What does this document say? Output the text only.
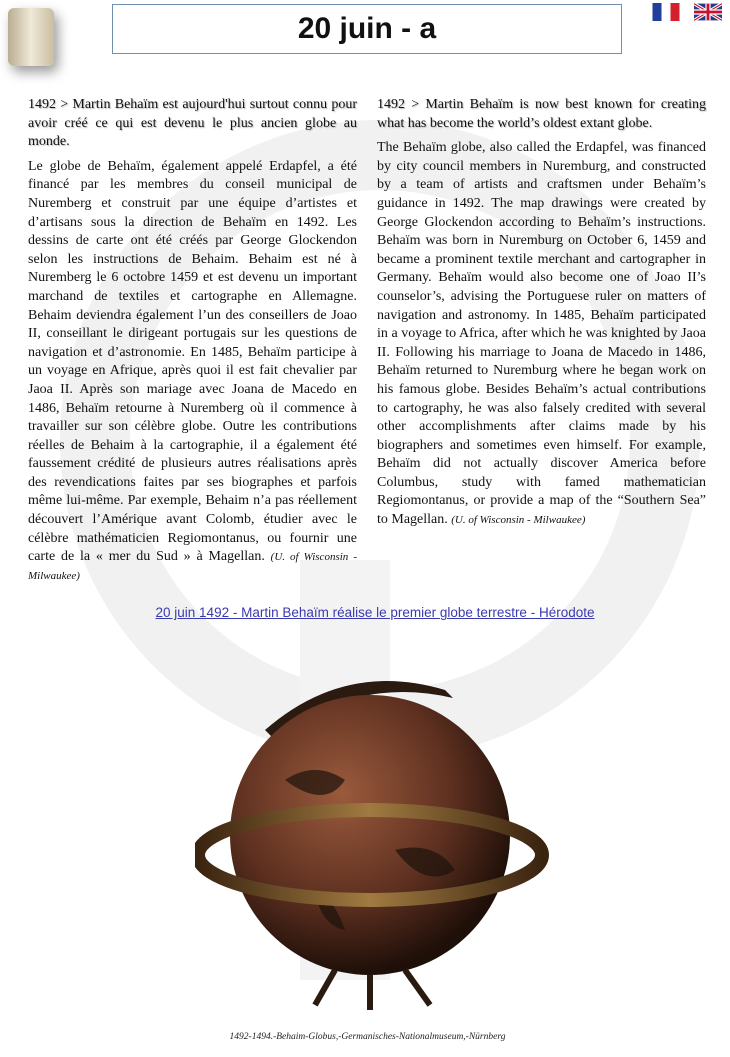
20 juin - a

1492 > Martin Behaïm est aujourd'hui surtout connu pour avoir créé ce qui est devenu le plus ancien globe au monde.

Le globe de Behaïm, également appelé Erdapfel, a été financé par les membres du conseil municipal de Nuremberg et construit par une équipe d’artistes et d’artisans sous la direction de Behaïm en 1492. Les dessins de carte ont été créés par George Glockendon selon les instructions de Behaim. Behaim est né à Nuremberg le 6 octobre 1459 et est devenu un important marchand de textiles et cartographe en Allemagne. Behaim deviendra également l’un des conseillers de Joao II, conseillant le dirigeant portugais sur les questions de navigation et d’astronomie. En 1485, Behaïm participe à un voyage en Afrique, après quoi il est fait chevalier par Jaoa II. Après son mariage avec Joana de Macedo en 1486, Behaïm retourne à Nuremberg où il commence à travailler sur son célèbre globe. Outre les contributions réelles de Behaim à la cartographie, il a également été faussement crédité de plusieurs autres réalisations après des revendications faites par ses biographes et parfois même lui-même. Par exemple, Behaim n’a pas réellement découvert l’Amérique avant Colomb, étudier avec le célèbre mathématicien Regiomontanus, ou fournir une carte de la « mer du Sud » à Magellan. (U. of Wisconsin - Milwaukee)

1492 > Martin Behaïm is now best known for creating what has become the world’s oldest extant globe.

The Behaïm globe, also called the Erdapfel, was financed by city council members in Nuremburg, and constructed by a team of artists and craftsmen under Behaïm’s guidance in 1492. The map drawings were created by George Glockendon according to Behaïm’s instructions. Behaïm was born in Nuremburg on October 6, 1459 and became a prominent textile merchant and cartographer in Germany. Behaïm would also become one of Joao II’s counselor’s, advising the Portuguese ruler on matters of navigation and astronomy. In 1485, Behaïm participated in a voyage to Africa, after which he was knighted by Jaoa II. Following his marriage to Joana de Macedo in 1486, Behaïm returned to Nuremburg where he began work on his famous globe. Besides Behaïm’s actual contributions to cartography, he was also falsely credited with several other accomplishments after claims made by his biographers and sometimes even himself. For example, Behaïm did not actually discover America before Columbus, study with famed mathematician Regiomontanus, or provide a map of the “Southern Sea” to Magellan. (U. of Wisconsin - Milwaukee)

20 juin 1492 - Martin Behaïm réalise le premier globe terrestre - Hérodote
1492-1494.-Behaim-Globus,-Germanisches-Nationalmuseum,-Nürnberg
